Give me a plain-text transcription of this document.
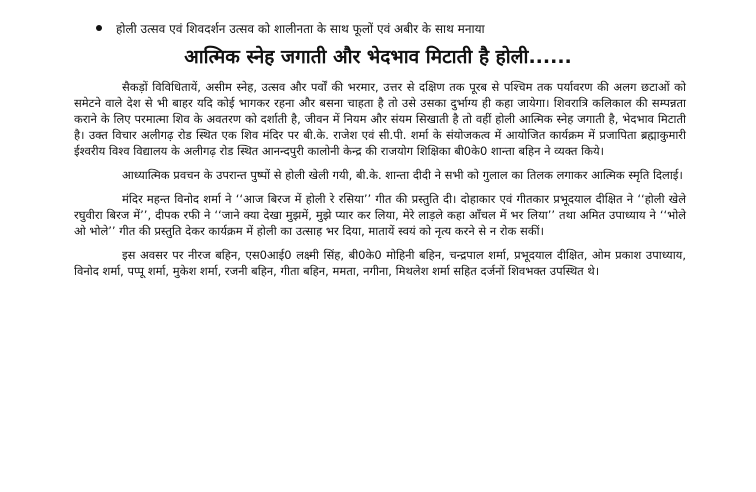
होली उत्सव एवं शिवदर्शन उत्सव को शालीनता के साथ फूलों एवं अबीर के साथ मनाया
आत्मिक स्नेह जगाती और भेदभाव मिटाती है होली......

सैकड़ों विविधितायें, असीम स्नेह, उत्सव और पर्वों की भरमार, उत्तर से दक्षिण तक पूरब से पश्चिम तक पर्यावरण की अलग छटाओं को समेटने वाले देश से भी बाहर यदि कोई भागकर रहना और बसना चाहता है तो उसे उसका दुर्भाग्य ही कहा जायेगा। शिवरात्रि कलिकाल की सम्पन्नता कराने के लिए परमात्मा शिव के अवतरण को दर्शाती है, जीवन में नियम और संयम सिखाती है तो वहीं होली आत्मिक स्नेह जगाती है, भेदभाव मिटाती है। उक्त विचार अलीगढ़ रोड स्थित एक शिव मंदिर पर बी.के. राजेश एवं सी.पी. शर्मा के संयोजकत्व में आयोजित कार्यक्रम में प्रजापिता ब्रह्माकुमारी ईश्वरीय विश्व विद्यालय के अलीगढ़ रोड स्थित आनन्दपुरी कालोनी केन्द्र की राजयोग शिक्षिका बी0के0 शान्ता बहिन ने व्यक्त किये।

आध्यात्मिक प्रवचन के उपरान्त पुष्पों से होली खेली गयी, बी.के. शान्ता दीदी ने सभी को गुलाल का तिलक लगाकर आत्मिक स्मृति दिलाई।

मंदिर महन्त विनोद शर्मा ने ‘‘आज बिरज में होली रे रसिया’’ गीत की प्रस्तुति दी। दोहाकार एवं गीतकार प्रभूदयाल दीक्षित ने ‘‘होली खेले रघुवीरा बिरज में’’, दीपक रफी ने ‘‘जाने क्या देखा मुझमें, मुझे प्यार कर लिया, मेरे लाड़ले कहा आँचल में भर लिया’’ तथा अमित उपाध्याय ने ‘‘भोले ओ भोले’’ गीत की प्रस्तुति देकर कार्यक्रम में होली का उत्साह भर दिया, मातायें स्वयं को नृत्य करने से न रोक सकीं।

इस अवसर पर नीरज बहिन, एस0आई0 लक्ष्मी सिंह, बी0के0 मोहिनी बहिन, चन्द्रपाल शर्मा, प्रभूदयाल दीक्षित, ओम प्रकाश उपाध्याय, विनोद शर्मा, पप्पू शर्मा, मुकेश शर्मा, रजनी बहिन, गीता बहिन, ममता, नगीना, मिथलेश शर्मा सहित दर्जनों शिवभक्त उपस्थित थे।
